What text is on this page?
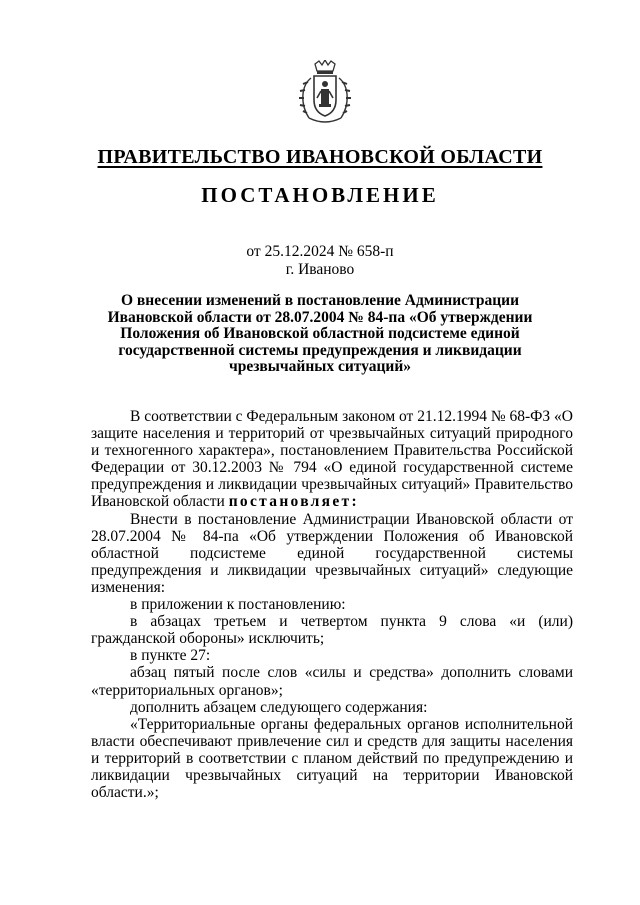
ПРАВИТЕЛЬСТВО ИВАНОВСКОЙ ОБЛАСТИ
ПОСТАНОВЛЕНИЕ
от 25.12.2024 № 658-п
г. Иваново
О внесении изменений в постановление Администрации
Ивановской области от 28.07.2004 № 84-па «Об утверждении
Положения об Ивановской областной подсистеме единой
государственной системы предупреждения и ликвидации
чрезвычайных ситуаций»

В соответствии с Федеральным законом от 21.12.1994 № 68-ФЗ «О защите населения и территорий от чрезвычайных ситуаций природного и техногенного характера», постановлением Правительства Российской Федерации от 30.12.2003 № 794 «О единой государственной системе предупреждения и ликвидации чрезвычайных ситуаций» Правительство Ивановской области постановляет:

Внести в постановление Администрации Ивановской области от 28.07.2004 № 84-па «Об утверждении Положения об Ивановской областной подсистеме единой государственной системы предупреждения и ликвидации чрезвычайных ситуаций» следующие изменения:

в приложении к постановлению:

в абзацах третьем и четвертом пункта 9 слова «и (или) гражданской обороны» исключить;

в пункте 27:

абзац пятый после слов «силы и средства» дополнить словами «территориальных органов»;

дополнить абзацем следующего содержания:

«Территориальные органы федеральных органов исполнительной власти обеспечивают привлечение сил и средств для защиты населения и территорий в соответствии с планом действий по предупреждению и ликвидации чрезвычайных ситуаций на территории Ивановской области.»;
